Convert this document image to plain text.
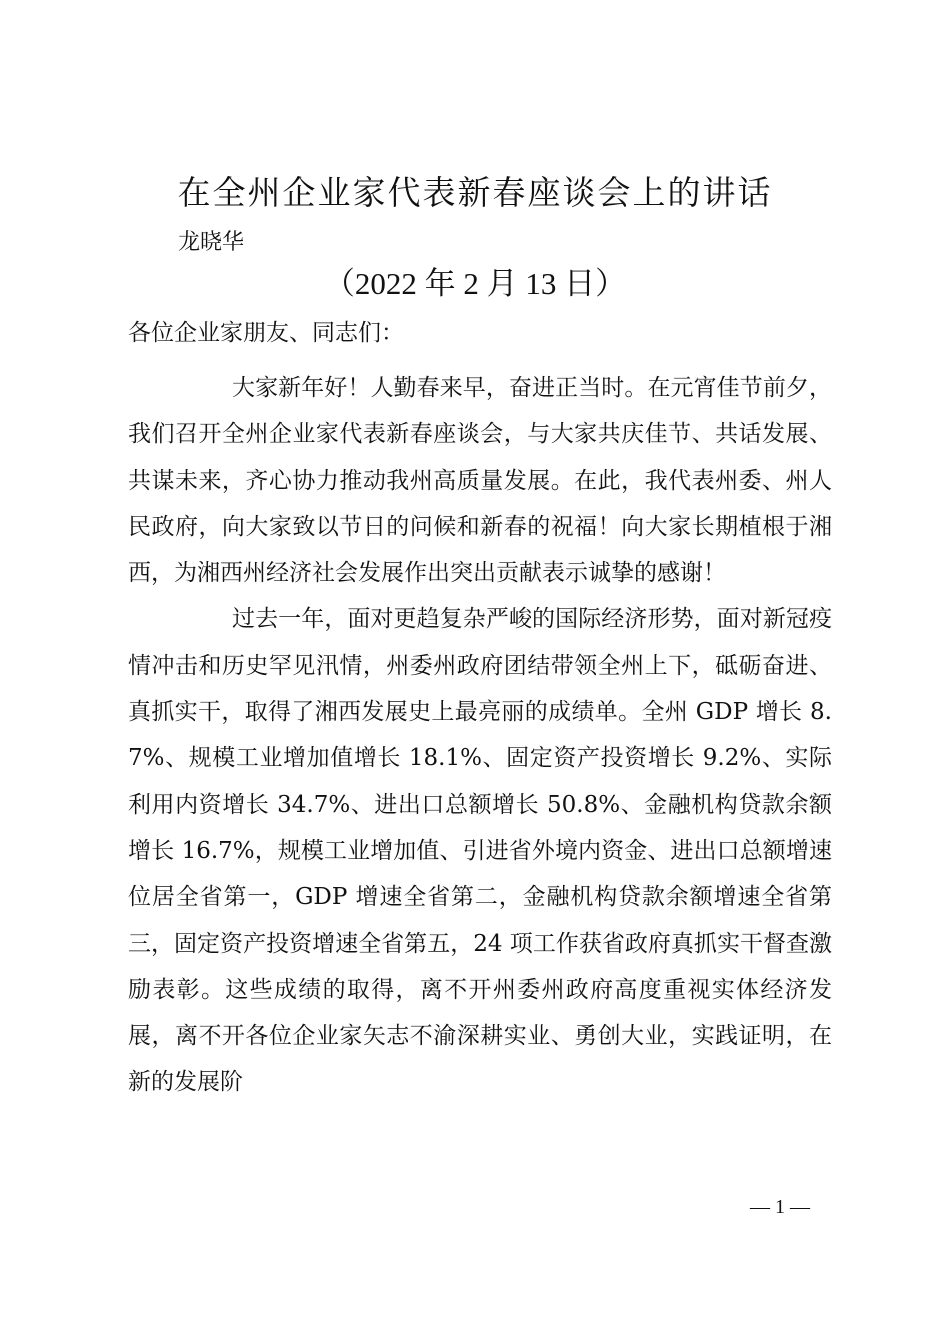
在全州企业家代表新春座谈会上的讲话
龙晓华
（2022 年 2 月 13 日）
各位企业家朋友、同志们：

大家新年好！人勤春来早，奋进正当时。在元宵佳节前夕，我们召开全州企业家代表新春座谈会，与大家共庆佳节、共话发展、共谋未来，齐心协力推动我州高质量发展。在此，我代表州委、州人民政府，向大家致以节日的问候和新春的祝福！向大家长期植根于湘西，为湘西州经济社会发展作出突出贡献表示诚挚的感谢！

过去一年，面对更趋复杂严峻的国际经济形势，面对新冠疫情冲击和历史罕见汛情，州委州政府团结带领全州上下，砥砺奋进、真抓实干，取得了湘西发展史上最亮丽的成绩单。全州 GDP 增长 8.7%、规模工业增加值增长 18.1%、固定资产投资增长 9.2%、实际利用内资增长 34.7%、进出口总额增长 50.8%、金融机构贷款余额增长 16.7%，规模工业增加值、引进省外境内资金、进出口总额增速位居全省第一，GDP 增速全省第二，金融机构贷款余额增速全省第三，固定资产投资增速全省第五，24 项工作获省政府真抓实干督查激励表彰。这些成绩的取得，离不开州委州政府高度重视实体经济发展，离不开各位企业家矢志不渝深耕实业、勇创大业，实践证明，在新的发展阶

— 1 —
